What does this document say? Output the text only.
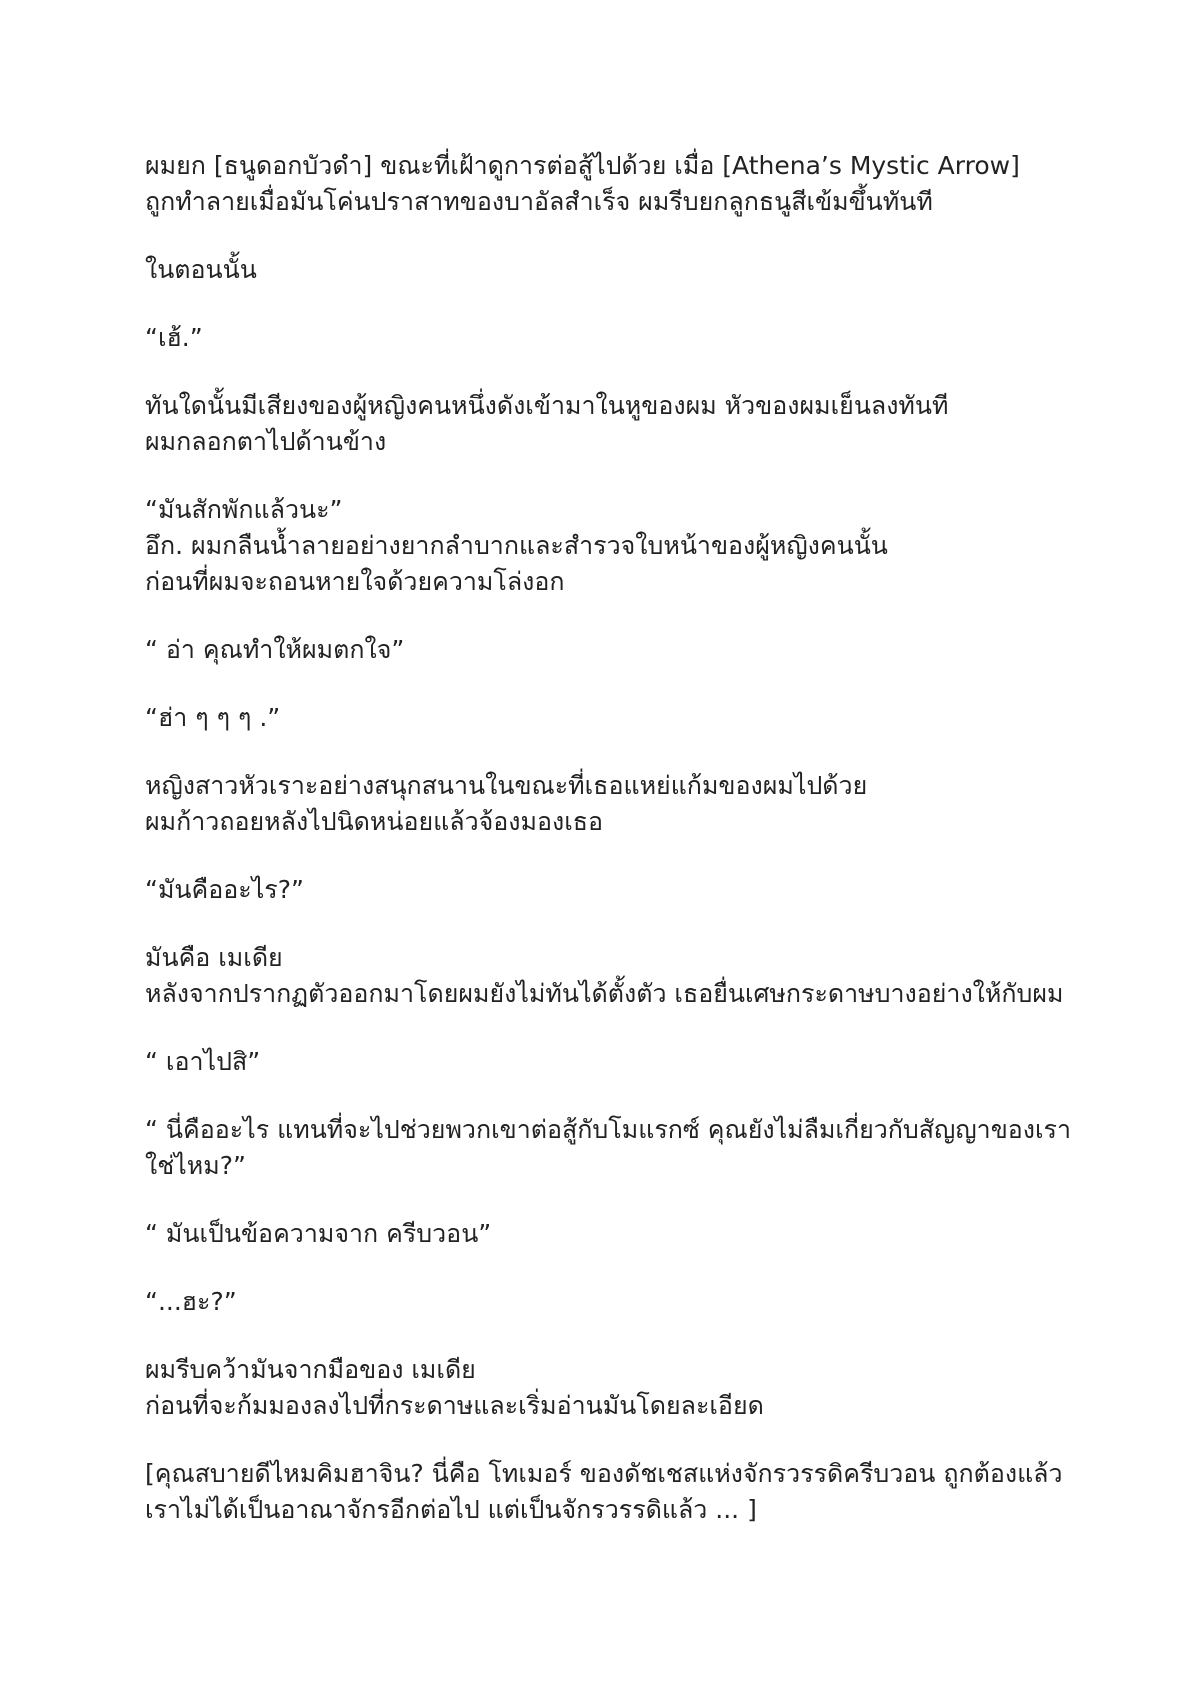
ผมยก [ธนูดอกบัวดำ] ขณะที่เฝ้าดูการต่อสู้ไปด้วย เมื่อ [Athena’s Mystic Arrow]
ถูกทำลายเมื่อมันโค่นปราสาทของบาอัลสำเร็จ ผมรีบยกลูกธนูสีเข้มขึ้นทันที
ในตอนนั้น
“เฮ้.”
ทันใดนั้นมีเสียงของผู้หญิงคนหนึ่งดังเข้ามาในหูของผม หัวของผมเย็นลงทันที
ผมกลอกตาไปด้านข้าง
“มันสักพักแล้วนะ”
อึก. ผมกลืนน้ำลายอย่างยากลำบากและสำรวจใบหน้าของผู้หญิงคนนั้น
ก่อนที่ผมจะถอนหายใจด้วยความโล่งอก
“ อ่า คุณทำให้ผมตกใจ”
“ฮ่า ๆ ๆ ๆ .”
หญิงสาวหัวเราะอย่างสนุกสนานในขณะที่เธอแหย่แก้มของผมไปด้วย
ผมก้าวถอยหลังไปนิดหน่อยแล้วจ้องมองเธอ
“มันคืออะไร?”
มันคือ เมเดีย
หลังจากปรากฏตัวออกมาโดยผมยังไม่ทันได้ตั้งตัว เธอยื่นเศษกระดาษบางอย่างให้กับผม
“ เอาไปสิ”
“ นี่คืออะไร แทนที่จะไปช่วยพวกเขาต่อสู้กับโมแรกซ์ คุณยังไม่ลืมเกี่ยวกับสัญญาของเรา
ใช่ไหม?”
“ มันเป็นข้อความจาก ครีบวอน”
“...ฮะ?”
ผมรีบคว้ามันจากมือของ เมเดีย
ก่อนที่จะก้มมองลงไปที่กระดาษและเริ่มอ่านมันโดยละเอียด
[คุณสบายดีไหมคิมฮาจิน? นี่คือ โทเมอร์ ของดัชเชสแห่งจักรวรรดิครีบวอน ถูกต้องแล้ว
เราไม่ได้เป็นอาณาจักรอีกต่อไป แต่เป็นจักรวรรดิแล้ว ... ]
